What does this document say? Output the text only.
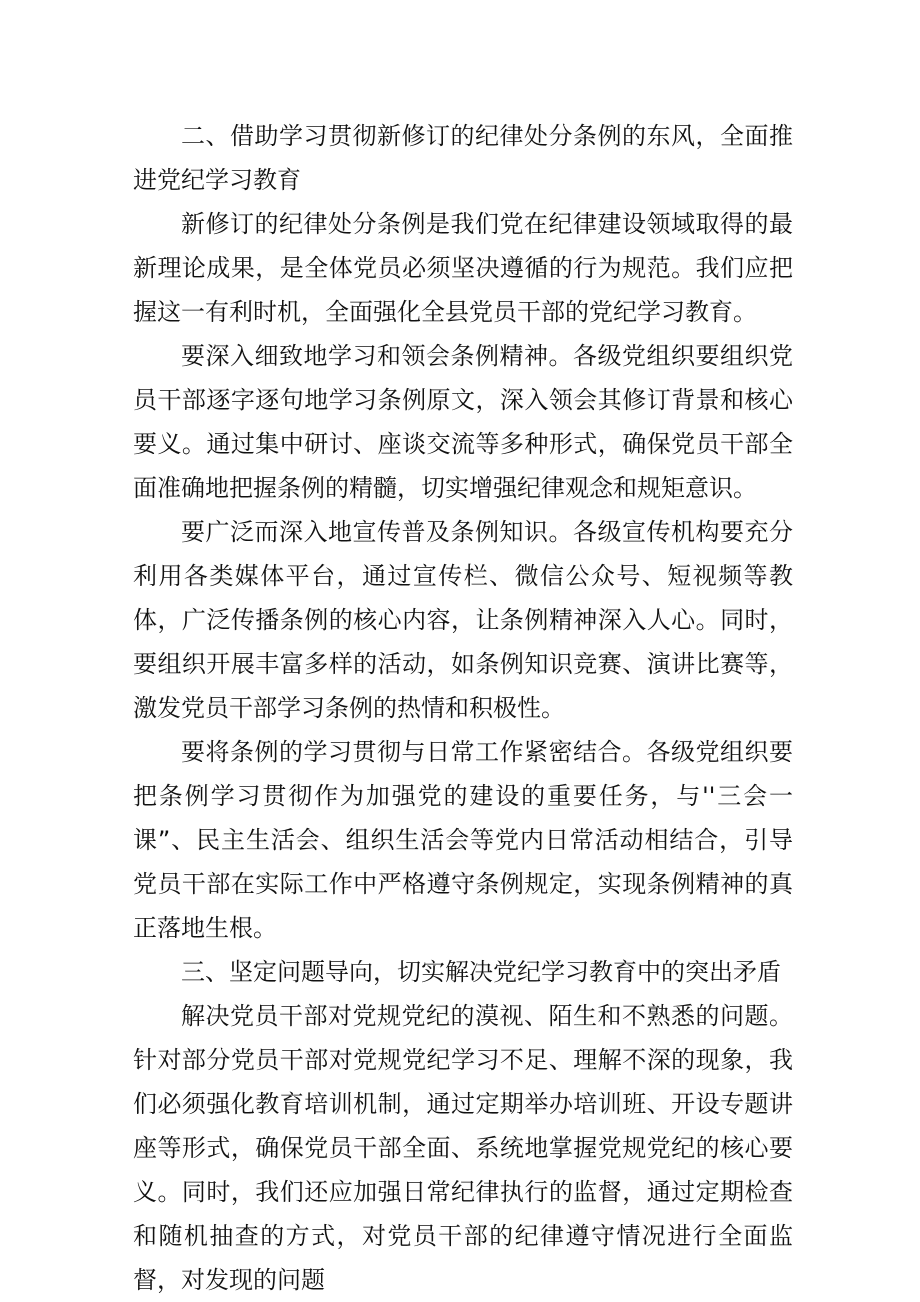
二、借助学习贯彻新修订的纪律处分条例的东风，全面推进党纪学习教育

新修订的纪律处分条例是我们党在纪律建设领域取得的最新理论成果，是全体党员必须坚决遵循的行为规范。我们应把握这一有利时机，全面强化全县党员干部的党纪学习教育。

要深入细致地学习和领会条例精神。各级党组织要组织党员干部逐字逐句地学习条例原文，深入领会其修订背景和核心要义。通过集中研讨、座谈交流等多种形式，确保党员干部全面准确地把握条例的精髓，切实增强纪律观念和规矩意识。

要广泛而深入地宣传普及条例知识。各级宣传机构要充分利用各类媒体平台，通过宣传栏、微信公众号、短视频等教体，广泛传播条例的核心内容，让条例精神深入人心。同时，要组织开展丰富多样的活动，如条例知识竞赛、演讲比赛等，激发党员干部学习条例的热情和积极性。

要将条例的学习贯彻与日常工作紧密结合。各级党组织要把条例学习贯彻作为加强党的建设的重要任务，与''三会一课”、民主生活会、组织生活会等党内日常活动相结合，引导党员干部在实际工作中严格遵守条例规定，实现条例精神的真正落地生根。

三、坚定问题导向，切实解决党纪学习教育中的突出矛盾

解决党员干部对党规党纪的漠视、陌生和不熟悉的问题。针对部分党员干部对党规党纪学习不足、理解不深的现象，我们必须强化教育培训机制，通过定期举办培训班、开设专题讲座等形式，确保党员干部全面、系统地掌握党规党纪的核心要义。同时，我们还应加强日常纪律执行的监督，通过定期检查和随机抽查的方式，对党员干部的纪律遵守情况进行全面监督，对发现的问题
